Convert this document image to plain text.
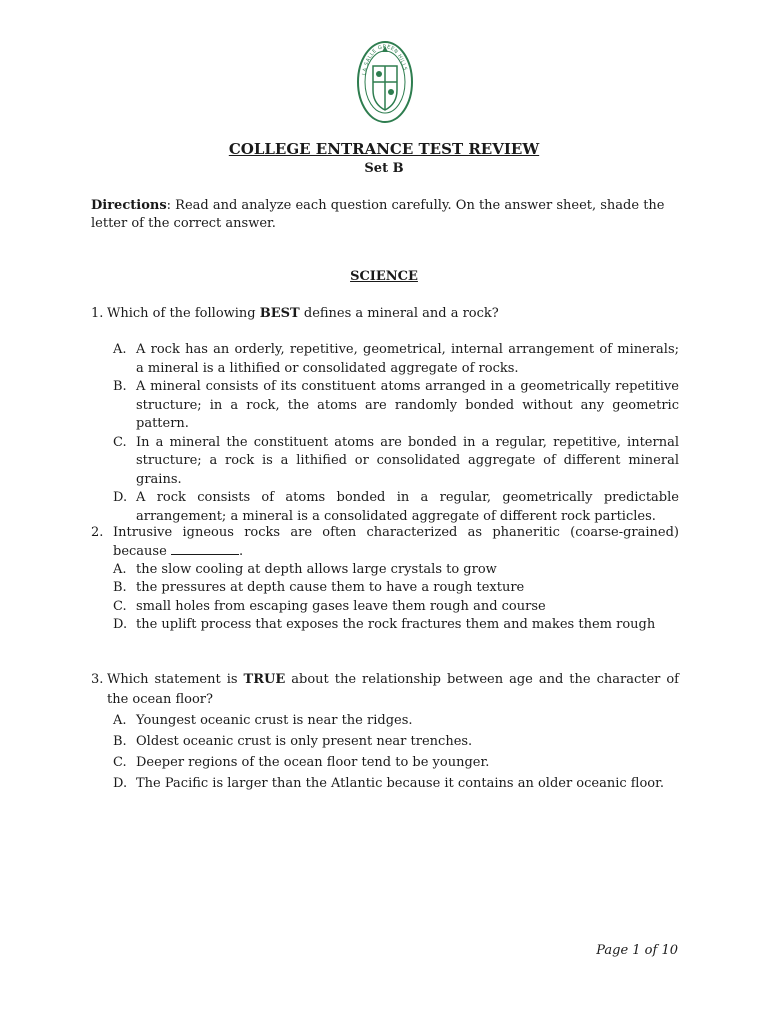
LA SALLE GREEN HILLS
COLLEGE ENTRANCE TEST REVIEW
Set B
Directions: Read and analyze each question carefully. On the answer sheet, shade the letter of the correct answer.
SCIENCE
1. Which of the following BEST defines a mineral and a rock?
A. A rock has an orderly, repetitive, geometrical, internal arrangement of minerals; a mineral is a lithified or consolidated aggregate of rocks.
B. A mineral consists of its constituent atoms arranged in a geometrically repetitive structure; in a rock, the atoms are randomly bonded without any geometric pattern.
C. In a mineral the constituent atoms are bonded in a regular, repetitive, internal structure; a rock is a lithified or consolidated aggregate of different mineral grains.
D. A rock consists of atoms bonded in a regular, geometrically predictable arrangement; a mineral is a consolidated aggregate of different rock particles.
2. Intrusive igneous rocks are often characterized as phaneritic (coarse-grained) because	.
A. the slow cooling at depth allows large crystals to grow
B. the pressures at depth cause them to have a rough texture
C. small holes from escaping gases leave them rough and course
D. the uplift process that exposes the rock fractures them and makes them rough
3. Which statement is TRUE about the relationship between age and the character of the ocean floor?
A. Youngest oceanic crust is near the ridges.
B. Oldest oceanic crust is only present near trenches.
C. Deeper regions of the ocean floor tend to be younger.
D. The Pacific is larger than the Atlantic because it contains an older oceanic floor.
Page 1 of 10
